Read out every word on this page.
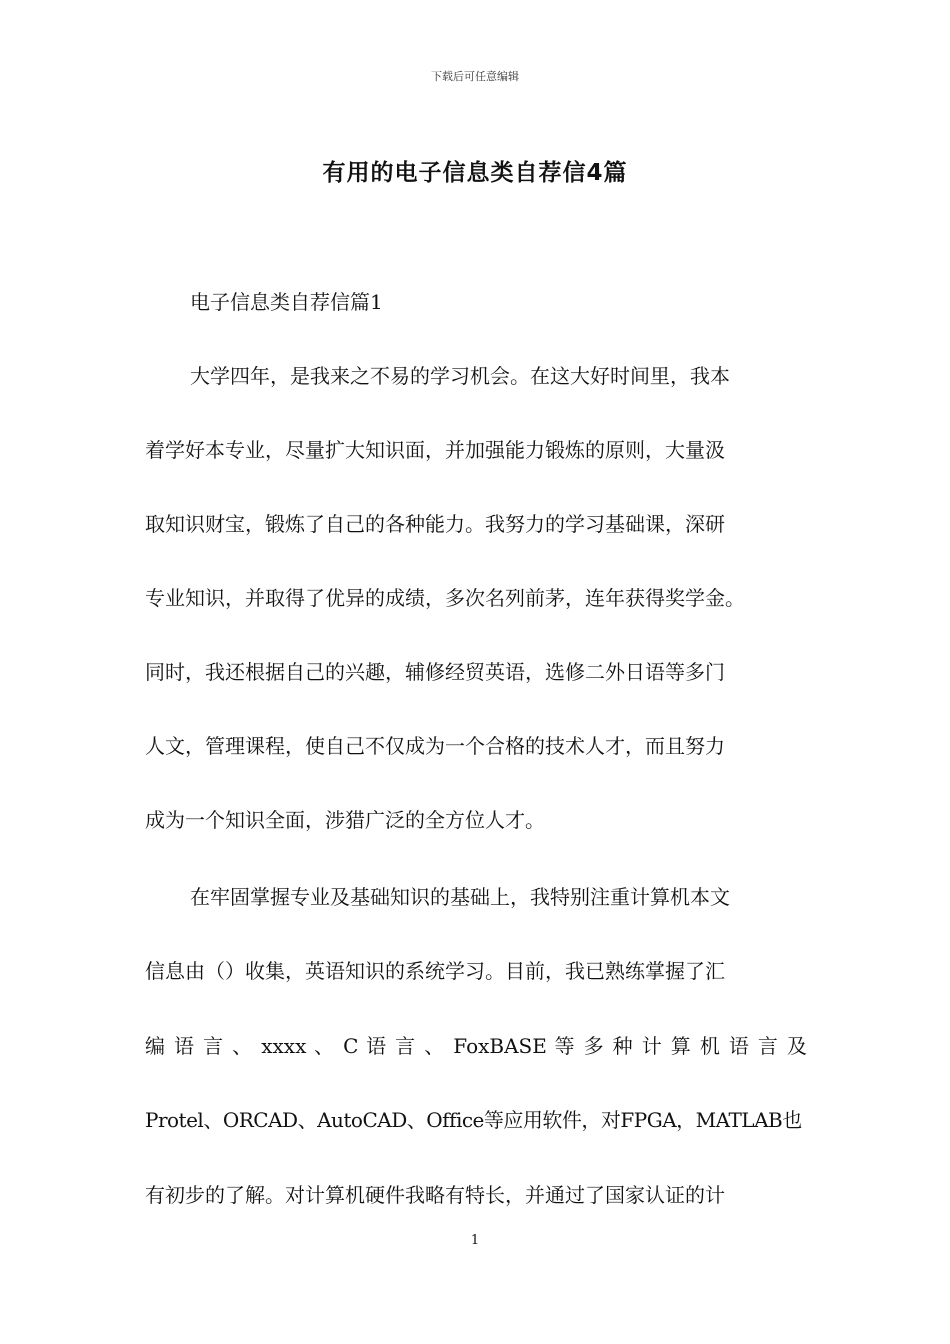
下载后可任意编辑
有用的电子信息类自荐信4篇
电子信息类自荐信篇1
大学四年，是我来之不易的学习机会。在这大好时间里，我本
着学好本专业，尽量扩大知识面，并加强能力锻炼的原则，大量汲
取知识财宝，锻炼了自己的各种能力。我努力的学习基础课，深研
专业知识，并取得了优异的成绩，多次名列前茅，连年获得奖学金。
同时，我还根据自己的兴趣，辅修经贸英语，选修二外日语等多门
人文，管理课程，使自己不仅成为一个合格的技术人才，而且努力
成为一个知识全面，涉猎广泛的全方位人才。
在牢固掌握专业及基础知识的基础上，我特别注重计算机本文
信息由（）收集，英语知识的系统学习。目前，我已熟练掌握了汇
编 语 言 、 xxxx 、 C 语 言 、 FoxBASE 等 多 种 计 算 机 语 言 及
Protel、ORCAD、AutoCAD、Office等应用软件，对FPGA，MATLAB也
有初步的了解。对计算机硬件我略有特长，并通过了国家认证的计
1
